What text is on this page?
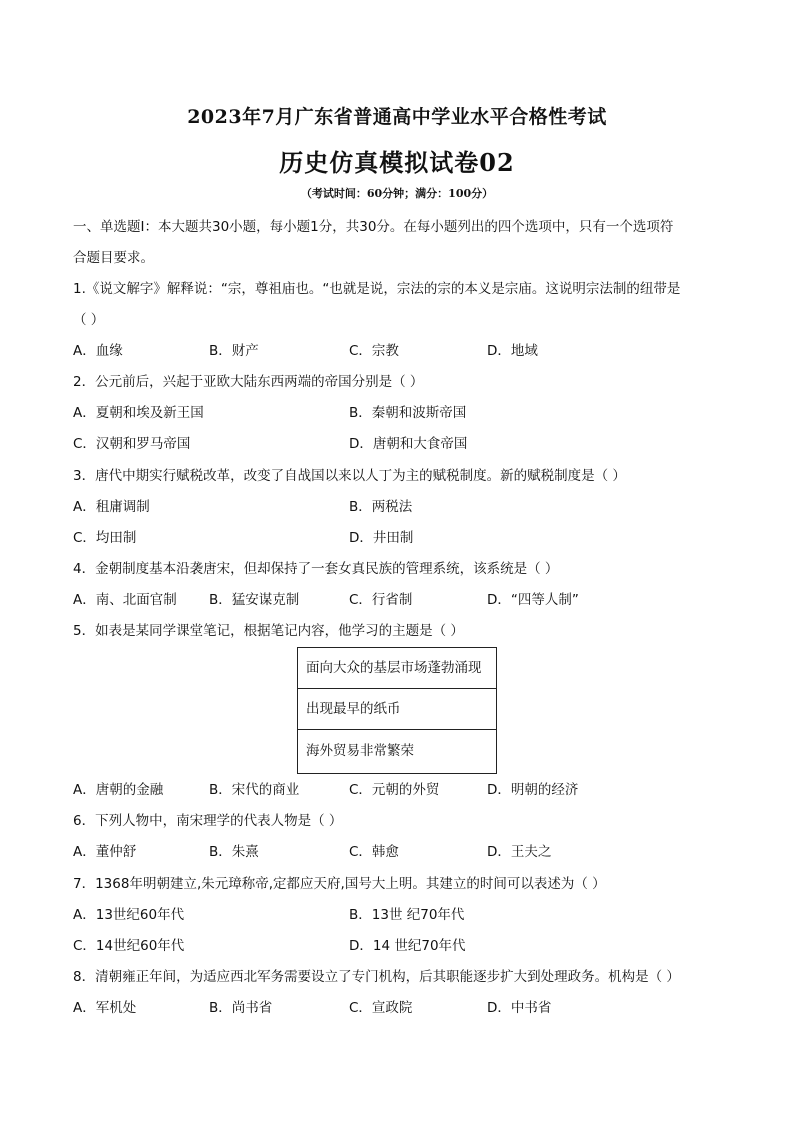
2023年7月广东省普通高中学业水平合格性考试
历史仿真模拟试卷02
（考试时间：60分钟；满分：100分）
一、单选题Ⅰ：本大题共30小题，每小题1分，共30分。在每小题列出的四个选项中，只有一个选项符
合题目要求。
1.《说文解字》解释说：“宗，尊祖庙也。“也就是说，宗法的宗的本义是宗庙。这说明宗法制的纽带是
（ ）
A．血缘	B．财产	C．宗教	D．地域
2．公元前后，兴起于亚欧大陆东西两端的帝国分别是（ ）
A．夏朝和埃及新王国	B．秦朝和波斯帝国
C．汉朝和罗马帝国	D．唐朝和大食帝国
3．唐代中期实行赋税改革，改变了自战国以来以人丁为主的赋税制度。新的赋税制度是（ ）
A．租庸调制	B．两税法
C．均田制	D．井田制
4．金朝制度基本沿袭唐宋，但却保持了一套女真民族的管理系统，该系统是（ ）
A．南、北面官制 B．猛安谋克制	C．行省制	D．“四等人制”
5．如表是某同学课堂笔记，根据笔记内容，他学习的主题是（ ）
面向大众的基层市场蓬勃涌现
出现最早的纸币
海外贸易非常繁荣
A．唐朝的金融	B．宋代的商业	C．元朝的外贸	D．明朝的经济
6．下列人物中，南宋理学的代表人物是（ ）
A．董仲舒	B．朱熹	C．韩愈	D．王夫之
7．1368年明朝建立,朱元璋称帝,定都应天府,国号大上明。其建立的时间可以表述为（ ）
A．13世纪60年代	B．13世 纪70年代
C．14世纪60年代	D．14 世纪70年代
8．清朝雍正年间，为适应西北军务需要设立了专门机构，后其职能逐步扩大到处理政务。机构是（ ）
A．军机处	B．尚书省	C．宣政院	D．中书省
